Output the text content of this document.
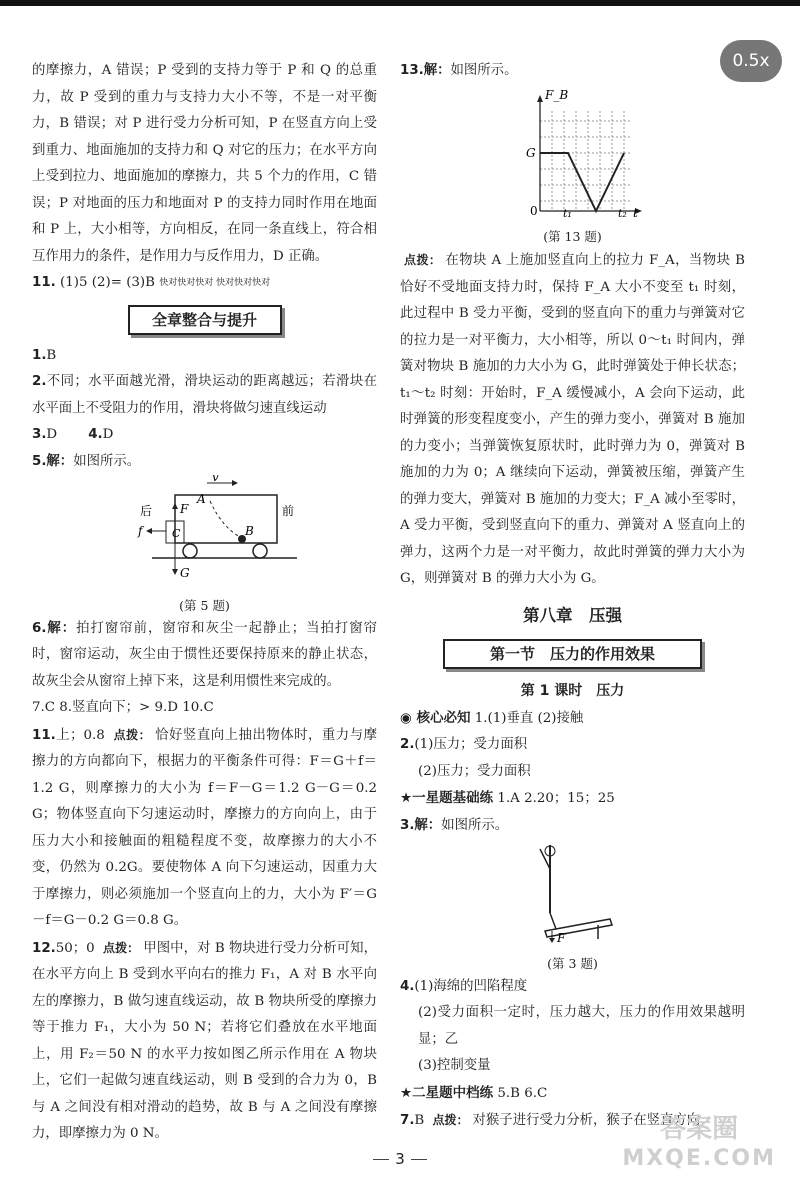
0.5x

的摩擦力，A 错误；P 受到的支持力等于 P 和 Q 的总重力，故 P 受到的重力与支持力大小不等，不是一对平衡力，B 错误；对 P 进行受力分析可知，P 在竖直方向上受到重力、地面施加的支持力和 Q 对它的压力；在水平方向上受到拉力、地面施加的摩擦力，共 5 个力的作用，C 错误；P 对地面的压力和地面对 P 的支持力同时作用在地面和 P 上，大小相等，方向相反，在同一条直线上，符合相互作用力的条件，是作用力与反作用力，D 正确。

11. (1)5 (2)= (3)B 快对快对快对 快对快对快对

全章整合与提升

1.B

2.不同；水平面越光滑，滑块运动的距离越远；若滑块在水平面上不受阻力的作用，滑块将做匀速直线运动

3.D    4.D

5.解：如图所示。

v
A
B
C
F
f
后	前
G
(第 5 题)

6.解：拍打窗帘前，窗帘和灰尘一起静止；当拍打窗帘时，窗帘运动，灰尘由于惯性还要保持原来的静止状态，故灰尘会从窗帘上掉下来，这是利用惯性来完成的。

7.C 8.竖直向下；> 9.D 10.C

11.上；0.8 点拨： 恰好竖直向上抽出物体时，重力与摩擦力的方向都向下，根据力的平衡条件可得：F＝G＋f＝1.2 G，则摩擦力的大小为 f＝F－G＝1.2 G－G＝0.2 G；物体竖直向下匀速运动时，摩擦力的方向向上，由于压力大小和接触面的粗糙程度不变，故摩擦力的大小不变，仍然为 0.2G。要使物体 A 向下匀速运动，因重力大于摩擦力，则必须施加一个竖直向上的力，大小为 F′＝G－f＝G－0.2 G＝0.8 G。

12.50；0 点拨： 甲图中，对 B 物块进行受力分析可知，在水平方向上 B 受到水平向右的推力 F₁，A 对 B 水平向左的摩擦力，B 做匀速直线运动，故 B 物块所受的摩擦力等于推力 F₁，大小为 50 N；若将它们叠放在水平地面上，用 F₂＝50 N 的水平力按如图乙所示作用在 A 物块上，它们一起做匀速直线运动，则 B 受到的合力为 0，B 与 A 之间没有相对滑动的趋势，故 B 与 A 之间没有摩擦力，即摩擦力为 0 N。

13.解：如图所示。

F_B
G
0 t₁	t₂ t
(第 13 题)

点拨： 在物块 A 上施加竖直向上的拉力 F_A，当物块 B 恰好不受地面支持力时，保持 F_A 大小不变至 t₁ 时刻，此过程中 B 受力平衡，受到的竖直向下的重力与弹簧对它的拉力是一对平衡力，大小相等，所以 0～t₁ 时间内，弹簧对物块 B 施加的力大小为 G，此时弹簧处于伸长状态；t₁～t₂ 时刻：开始时，F_A 缓慢减小，A 会向下运动，此时弹簧的形变程度变小，产生的弹力变小，弹簧对 B 施加的力变小；当弹簧恢复原状时，此时弹力为 0，弹簧对 B 施加的力为 0；A 继续向下运动，弹簧被压缩，弹簧产生的弹力变大，弹簧对 B 施加的力变大；F_A 减小至零时，A 受力平衡，受到竖直向下的重力、弹簧对 A 竖直向上的弹力，这两个力是一对平衡力，故此时弹簧的弹力大小为 G，则弹簧对 B 的弹力大小为 G。

第八章　压强
第一节　压力的作用效果
第 1 课时　压力

◉ 核心必知 1.(1)垂直 (2)接触

2.(1)压力；受力面积

(2)压力；受力面积

★一星题基础练 1.A 2.20；15；25

3.解：如图所示。

F
(第 3 题)

4.(1)海绵的凹陷程度

(2)受力面积一定时，压力越大，压力的作用效果越明显；乙

(3)控制变量

★二星题中档练 5.B 6.C

7.B 点拨： 对猴子进行受力分析，猴子在竖直方向

3
答案圈
MXQE.COM
